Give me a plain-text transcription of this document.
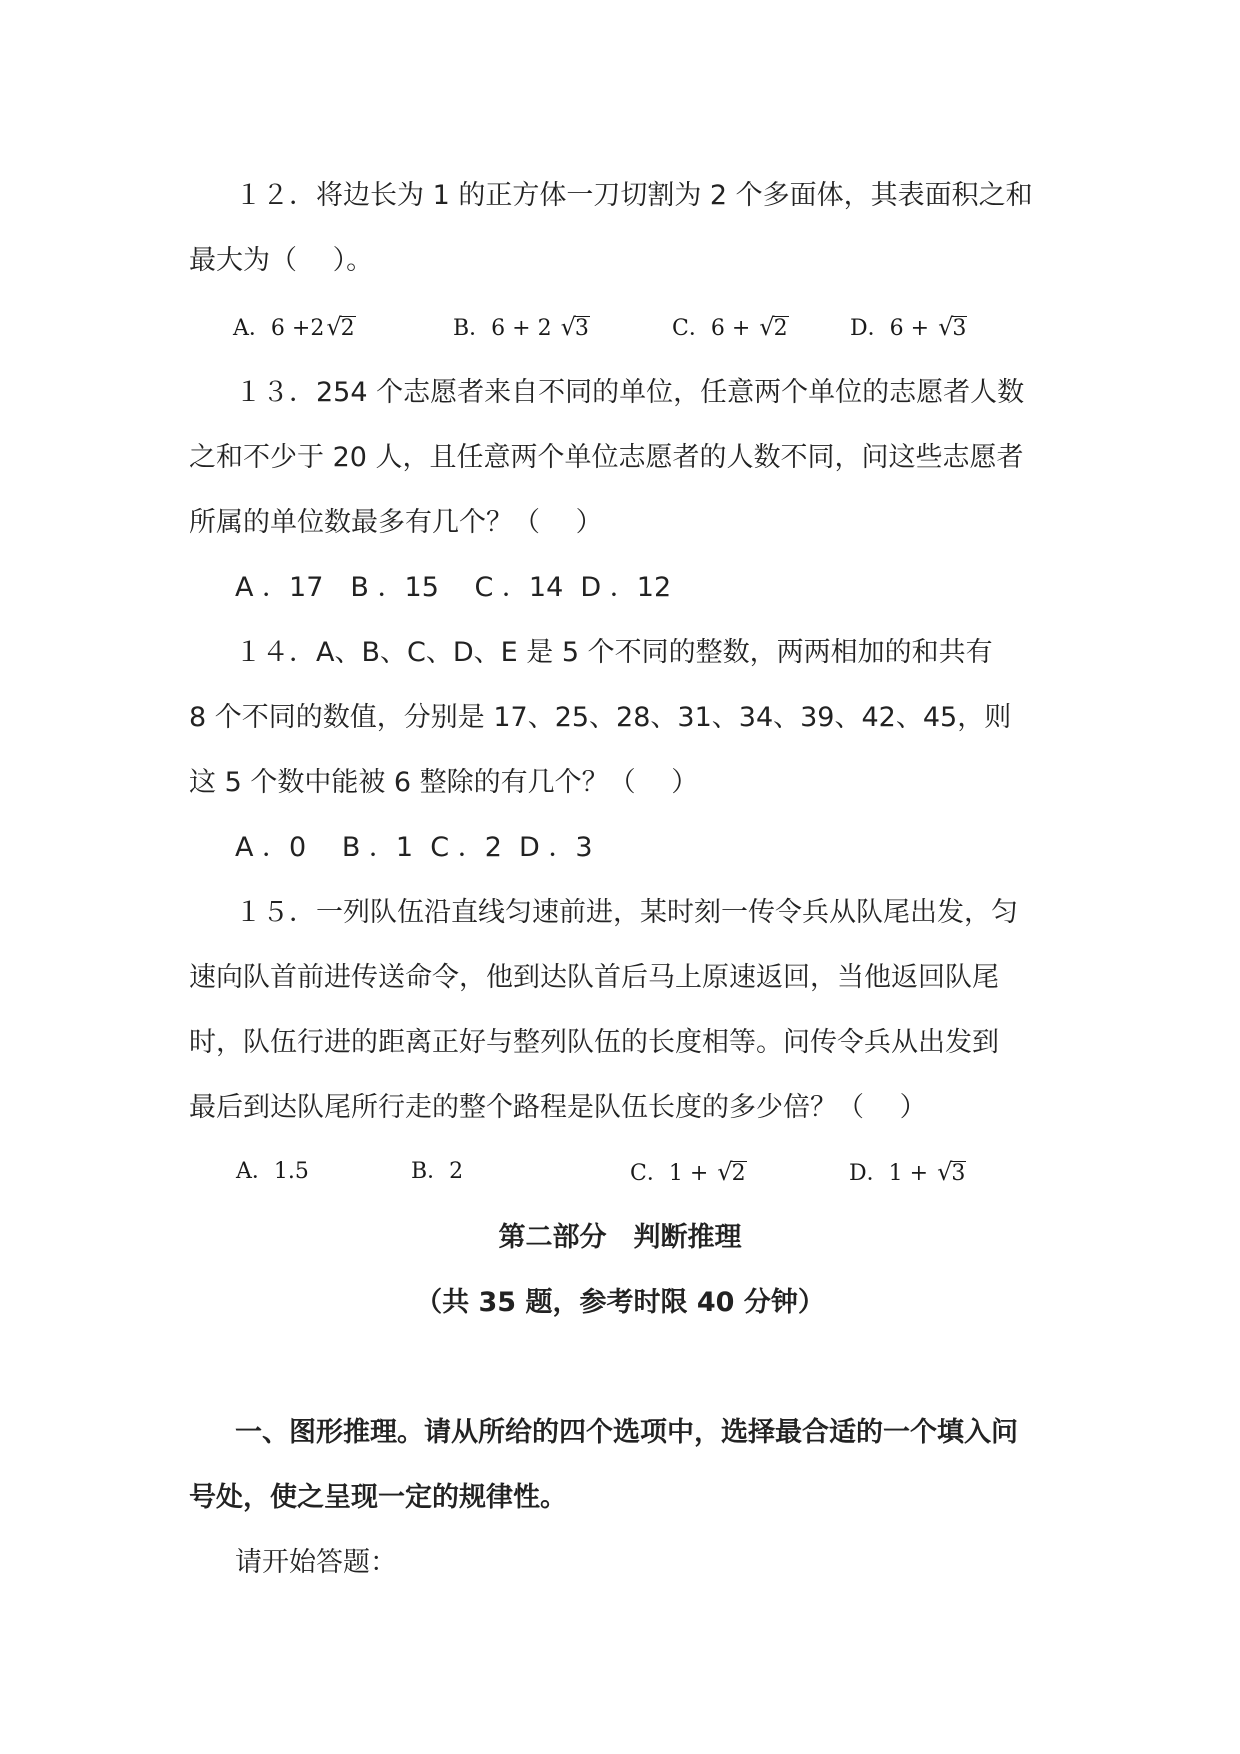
１２．将边长为 1 的正方体一刀切割为 2 个多面体，其表面积之和
最大为（　 ）。
A．6 +2√2	B．6 + 2 √3	C．6 + √2	D．6 + √3
１３．254 个志愿者来自不同的单位，任意两个单位的志愿者人数
之和不少于 20 人，且任意两个单位志愿者的人数不同，问这些志愿者
所属的单位数最多有几个？（　 ）
A ．17　B ．15　 C ．14  D ．12
１４．A、B、C、D、E 是 5 个不同的整数，两两相加的和共有
8 个不同的数值，分别是 17、25、28、31、34、39、42、45，则
这 5 个数中能被 6 整除的有几个？（　 ）
A ．0　 B ．1  C ．2  D ．3
１５．一列队伍沿直线匀速前进，某时刻一传令兵从队尾出发，匀
速向队首前进传送命令，他到达队首后马上原速返回，当他返回队尾
时，队伍行进的距离正好与整列队伍的长度相等。问传令兵从出发到
最后到达队尾所行走的整个路程是队伍长度的多少倍？（　 ）
A．1.5	B．2	C．1 + √2	D．1 + √3
第二部分　判断推理
（共 35 题，参考时限 40 分钟）
一、图形推理。请从所给的四个选项中，选择最合适的一个填入问
号处，使之呈现一定的规律性。
请开始答题：
